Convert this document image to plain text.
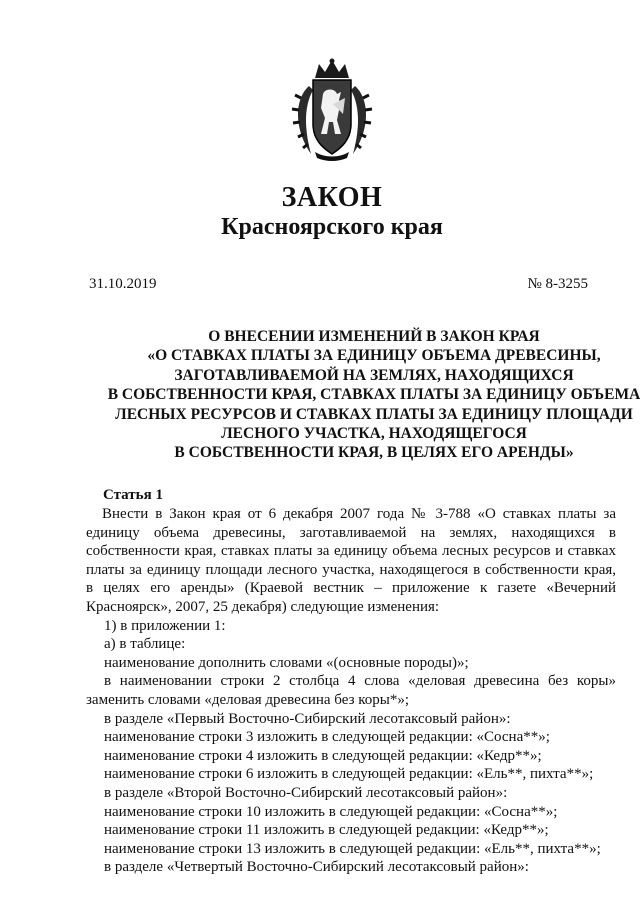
ЗАКОН
Красноярского края
31.10.2019	№ 8-3255
О ВНЕСЕНИИ ИЗМЕНЕНИЙ В ЗАКОН КРАЯ
«О СТАВКАХ ПЛАТЫ ЗА ЕДИНИЦУ ОБЪЕМА ДРЕВЕСИНЫ,
ЗАГОТАВЛИВАЕМОЙ НА ЗЕМЛЯХ, НАХОДЯЩИХСЯ
В СОБСТВЕННОСТИ КРАЯ, СТАВКАХ ПЛАТЫ ЗА ЕДИНИЦУ ОБЪЕМА
ЛЕСНЫХ РЕСУРСОВ И СТАВКАХ ПЛАТЫ ЗА ЕДИНИЦУ ПЛОЩАДИ
ЛЕСНОГО УЧАСТКА, НАХОДЯЩЕГОСЯ
В СОБСТВЕННОСТИ КРАЯ, В ЦЕЛЯХ ЕГО АРЕНДЫ»
Статья 1

Внести в Закон края от 6 декабря 2007 года № 3-788 «О ставках платы за единицу объема древесины, заготавливаемой на землях, находящихся в собственности края, ставках платы за единицу объема лесных ресурсов и ставках платы за единицу площади лесного участка, находящегося в собственности края, в целях его аренды» (Краевой вестник – приложение к газете «Вечерний Красноярск», 2007, 25 декабря) следующие изменения:

1) в приложении 1:

а) в таблице:

наименование дополнить словами «(основные породы)»;

в наименовании строки 2 столбца 4 слова «деловая древесина без коры» заменить словами «деловая древесина без коры*»;

в разделе «Первый Восточно-Сибирский лесотаксовый район»:

наименование строки 3 изложить в следующей редакции: «Сосна**»;

наименование строки 4 изложить в следующей редакции: «Кедр**»;

наименование строки 6 изложить в следующей редакции: «Ель**, пихта**»;

в разделе «Второй Восточно-Сибирский лесотаксовый район»:

наименование строки 10 изложить в следующей редакции: «Сосна**»;

наименование строки 11 изложить в следующей редакции: «Кедр**»;

наименование строки 13 изложить в следующей редакции: «Ель**, пихта**»;

в разделе «Четвертый Восточно-Сибирский лесотаксовый район»:
